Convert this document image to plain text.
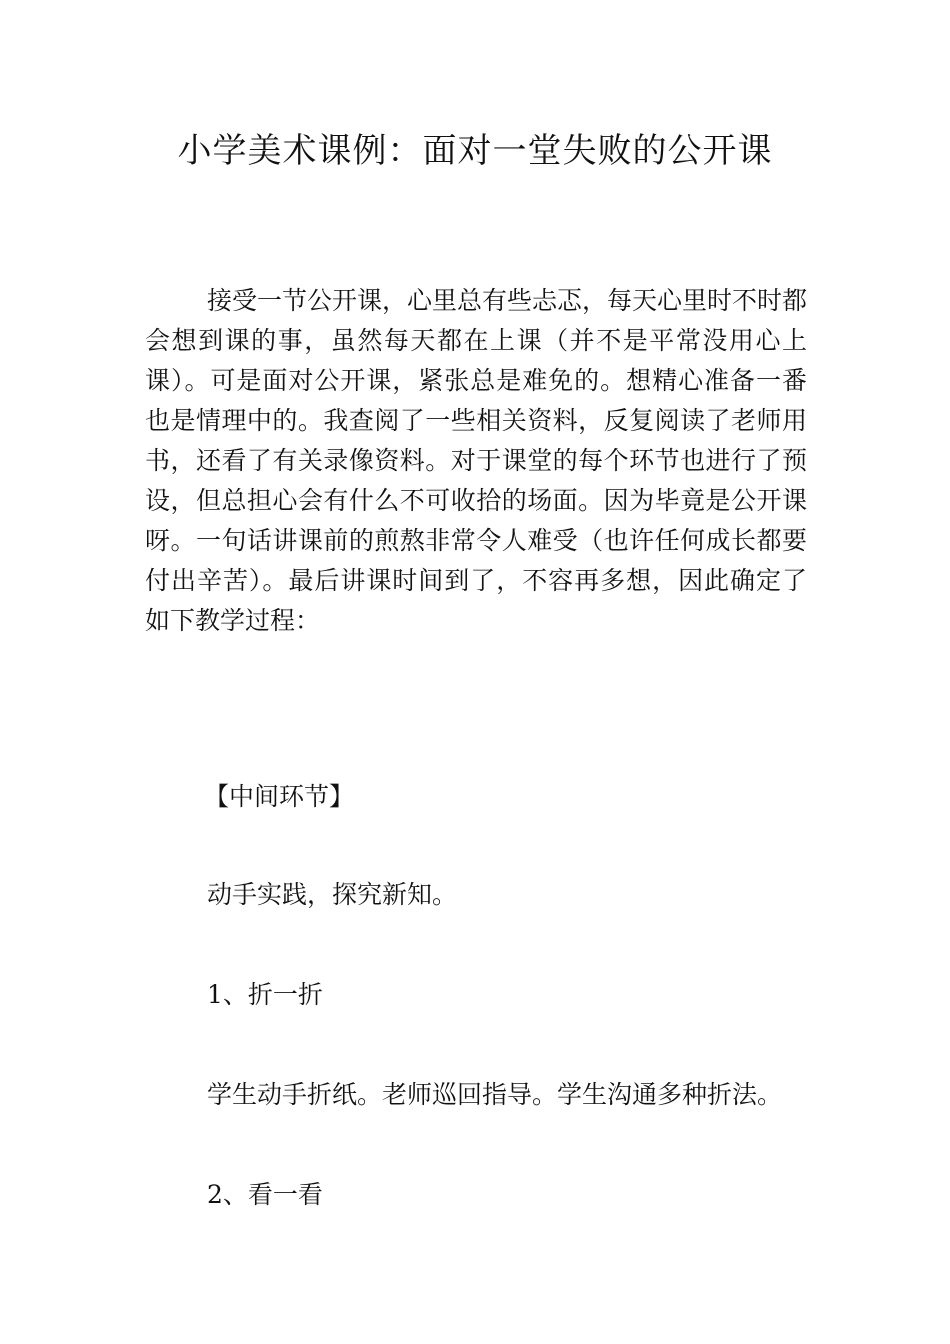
小学美术课例：面对一堂失败的公开课

接受一节公开课，心里总有些忐忑，每天心里时不时都会想到课的事，虽然每天都在上课（并不是平常没用心上课）。可是面对公开课，紧张总是难免的。想精心准备一番也是情理中的。我查阅了一些相关资料，反复阅读了老师用书，还看了有关录像资料。对于课堂的每个环节也进行了预设，但总担心会有什么不可收拾的场面。因为毕竟是公开课呀。一句话讲课前的煎熬非常令人难受（也许任何成长都要付出辛苦）。最后讲课时间到了，不容再多想，因此确定了如下教学过程：

【中间环节】

动手实践，探究新知。

1、折一折

学生动手折纸。老师巡回指导。学生沟通多种折法。

2、看一看
